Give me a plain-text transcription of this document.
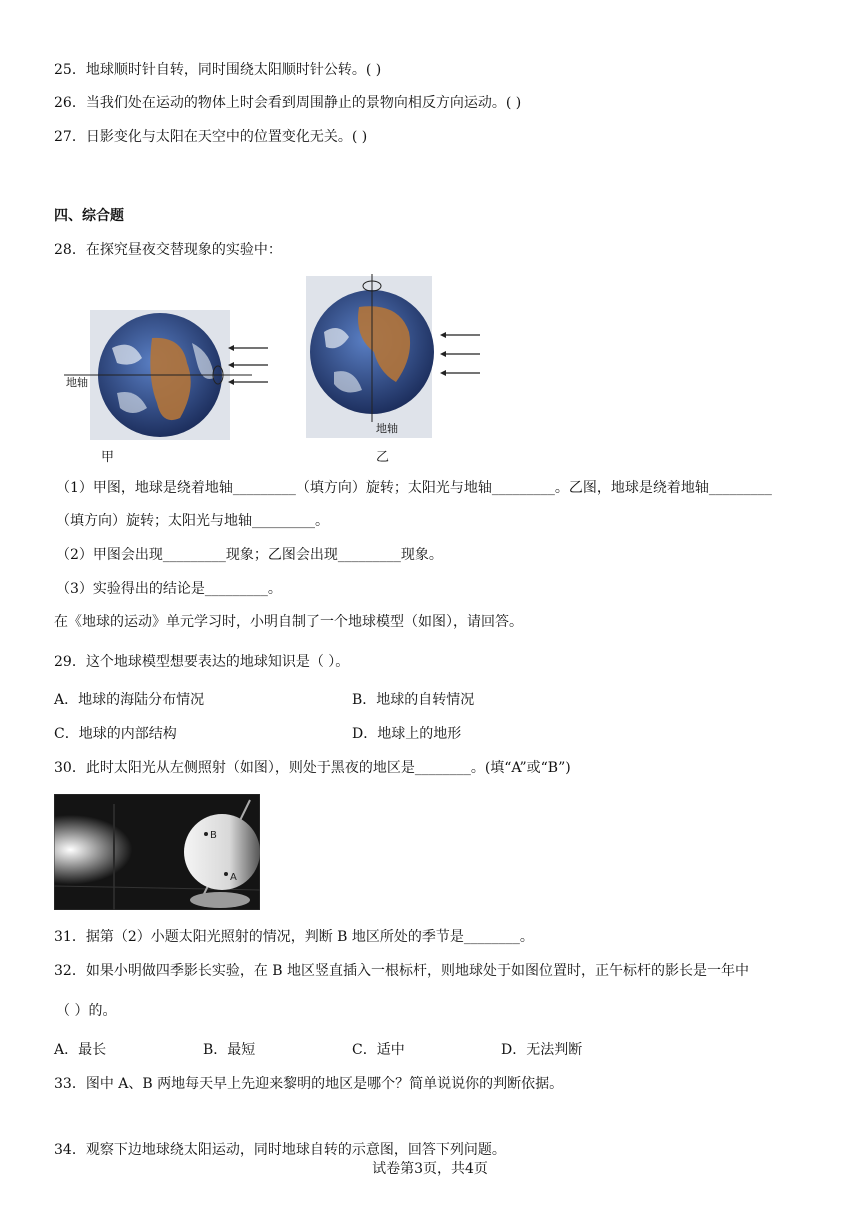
25．地球顺时针自转，同时围绕太阳顺时针公转。( )
26．当我们处在运动的物体上时会看到周围静止的景物向相反方向运动。( )
27．日影变化与太阳在天空中的位置变化无关。( )
四、综合题
28．在探究昼夜交替现象的实验中：
地轴
甲
地轴
乙
（1）甲图，地球是绕着地轴_________（填方向）旋转；太阳光与地轴_________。乙图，地球是绕着地轴_________
（填方向）旋转；太阳光与地轴_________。
（2）甲图会出现_________现象；乙图会出现_________现象。
（3）实验得出的结论是_________。
在《地球的运动》单元学习时，小明自制了一个地球模型（如图），请回答。
29．这个地球模型想要表达的地球知识是（ ）。
A．地球的海陆分布情况	B．地球的自转情况
C．地球的内部结构	D．地球上的地形
30．此时太阳光从左侧照射（如图），则处于黑夜的地区是________。(填“A”或“B”)
B
A
31．据第（2）小题太阳光照射的情况，判断 B 地区所处的季节是________。
32．如果小明做四季影长实验，在 B 地区竖直插入一根标杆，则地球处于如图位置时，正午标杆的影长是一年中
（ ）的。
A．最长	B．最短	C．适中	D．无法判断
33．图中 A、B 两地每天早上先迎来黎明的地区是哪个？简单说说你的判断依据。
34．观察下边地球绕太阳运动，同时地球自转的示意图，回答下列问题。
试卷第3页，共4页
